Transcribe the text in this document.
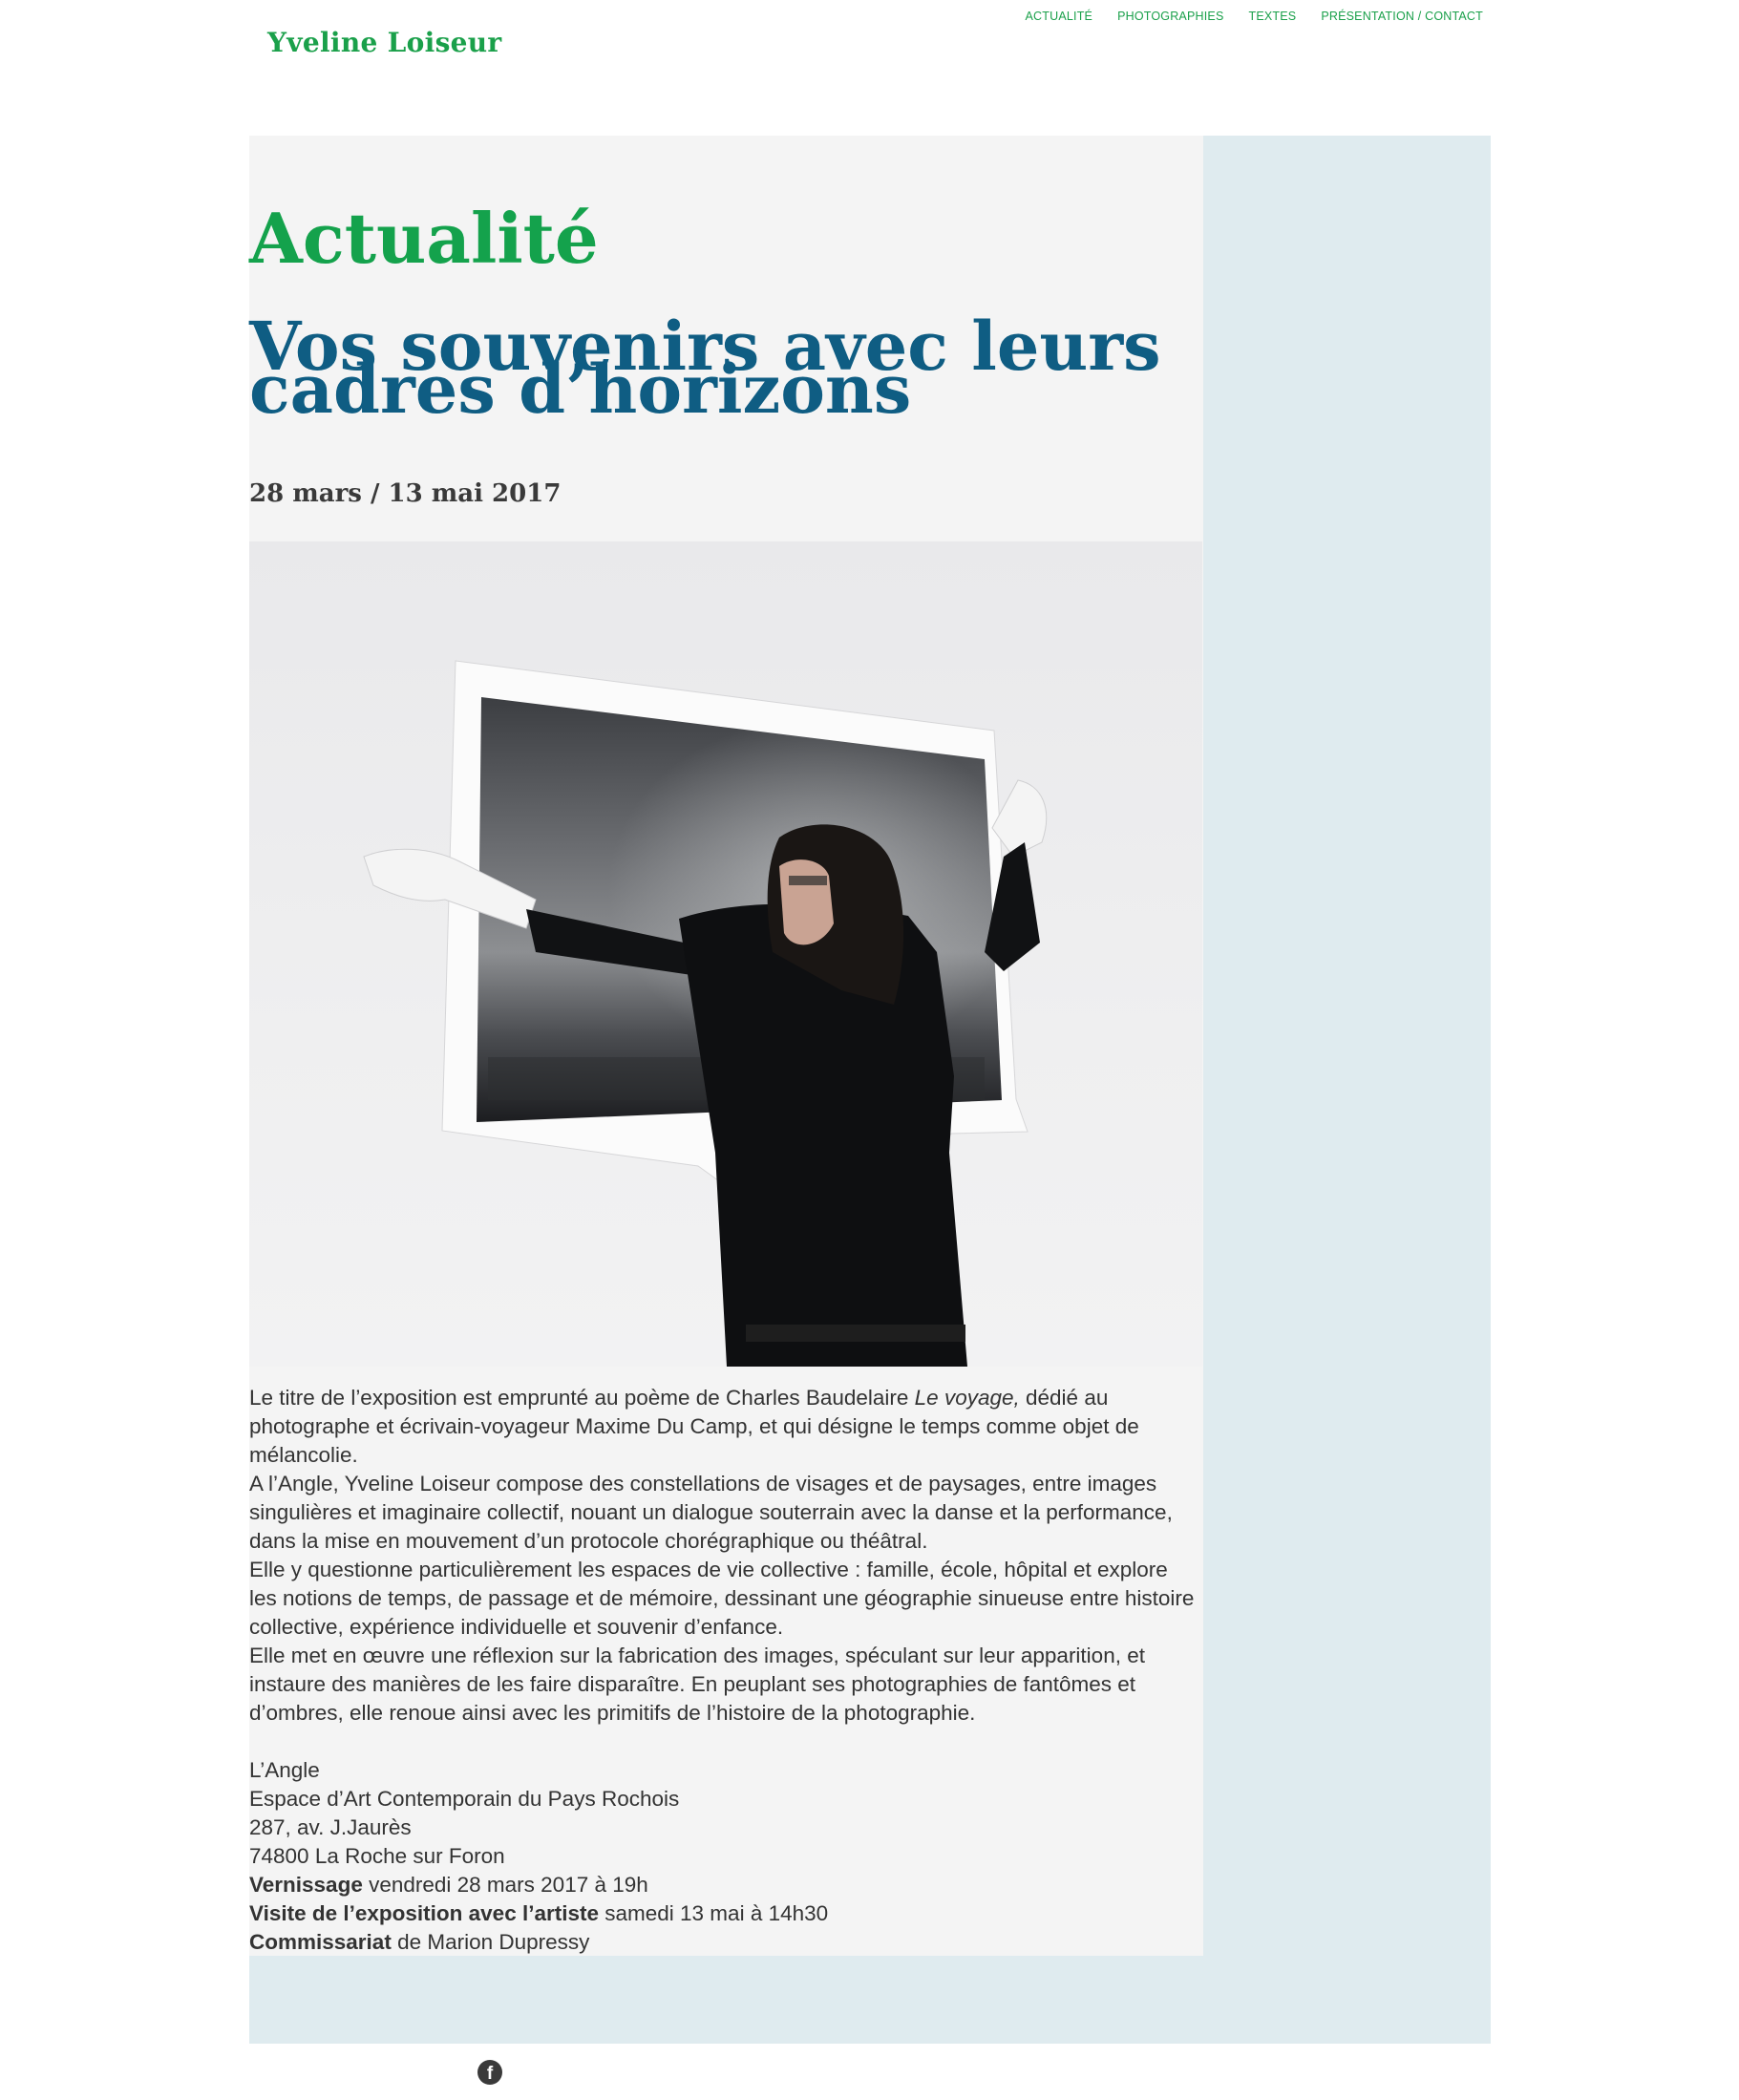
Yveline Loiseur
ACTUALITÉ PHOTOGRAPHIES TEXTES PRÉSENTATION / CONTACT
Actualité
Vos souvenirs avec leurs cadres d’horizons
28 mars / 13 mai 2017

Le titre de l’exposition est emprunté au poème de Charles Baudelaire Le voyage, dédié au photographe et écrivain-voyageur Maxime Du Camp, et qui désigne le temps comme objet de mélancolie.

A l’Angle, Yveline Loiseur compose des constellations de visages et de paysages, entre images singulières et imaginaire collectif, nouant un dialogue souterrain avec la danse et la performance, dans la mise en mouvement d’un protocole chorégraphique ou théâtral.

Elle y questionne particulièrement les espaces de vie collective : famille, école, hôpital et explore les notions de temps, de passage et de mémoire, dessinant une géographie sinueuse entre histoire collective, expérience individuelle et souvenir d’enfance.

Elle met en œuvre une réflexion sur la fabrication des images, spéculant sur leur apparition, et instaure des manières de les faire disparaître. En peuplant ses photographies de fantômes et d’ombres, elle renoue ainsi avec les primitifs de l’histoire de la photographie.

L’Angle

Espace d’Art Contemporain du Pays Rochois

287, av. J.Jaurès

74800 La Roche sur Foron

Vernissage vendredi 28 mars 2017 à 19h

Visite de l’exposition avec l’artiste samedi 13 mai à 14h30

Commissariat de Marion Dupressy

f
